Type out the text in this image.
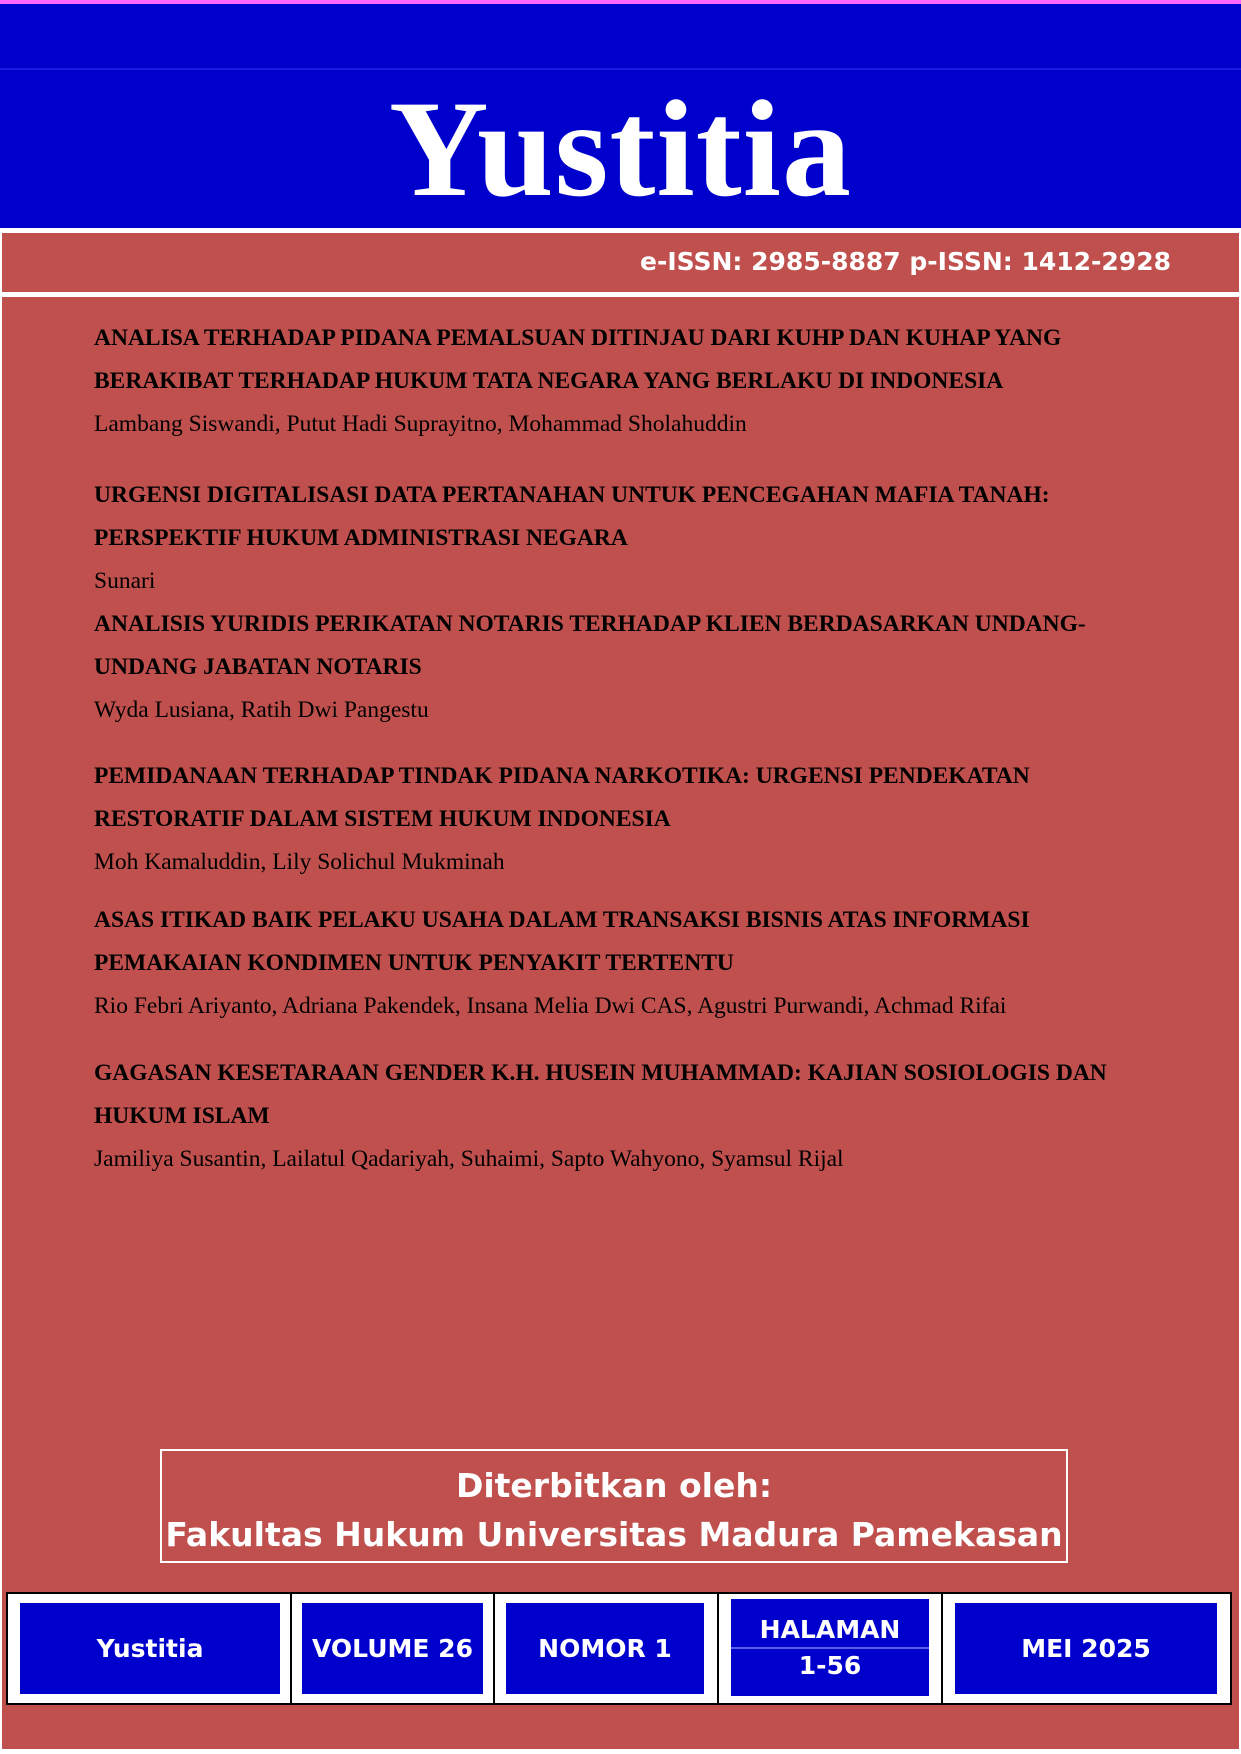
Yustitia
e-ISSN: 2985-8887 p-ISSN: 1412-2928

ANALISA TERHADAP PIDANA PEMALSUAN DITINJAU DARI KUHP DAN KUHAP YANG BERAKIBAT TERHADAP HUKUM TATA NEGARA YANG BERLAKU DI INDONESIA

Lambang Siswandi, Putut Hadi Suprayitno, Mohammad Sholahuddin

URGENSI DIGITALISASI DATA PERTANAHAN UNTUK PENCEGAHAN MAFIA TANAH: PERSPEKTIF HUKUM ADMINISTRASI NEGARA

Sunari

ANALISIS YURIDIS PERIKATAN NOTARIS TERHADAP KLIEN BERDASARKAN UNDANG-UNDANG JABATAN NOTARIS

Wyda Lusiana, Ratih Dwi Pangestu

PEMIDANAAN TERHADAP TINDAK PIDANA NARKOTIKA: URGENSI PENDEKATAN RESTORATIF DALAM SISTEM HUKUM INDONESIA

Moh Kamaluddin, Lily Solichul Mukminah

ASAS ITIKAD BAIK PELAKU USAHA DALAM TRANSAKSI BISNIS ATAS INFORMASI PEMAKAIAN KONDIMEN UNTUK PENYAKIT TERTENTU

Rio Febri Ariyanto, Adriana Pakendek, Insana Melia Dwi CAS, Agustri Purwandi, Achmad Rifai

GAGASAN KESETARAAN GENDER K.H. HUSEIN MUHAMMAD: KAJIAN SOSIOLOGIS DAN HUKUM ISLAM

Jamiliya Susantin, Lailatul Qadariyah, Suhaimi, Sapto Wahyono, Syamsul Rijal

Diterbitkan oleh:
Fakultas Hukum Universitas Madura Pamekasan
Yustitia	VOLUME 26	NOMOR 1
HALAMAN
1-56
MEI 2025
